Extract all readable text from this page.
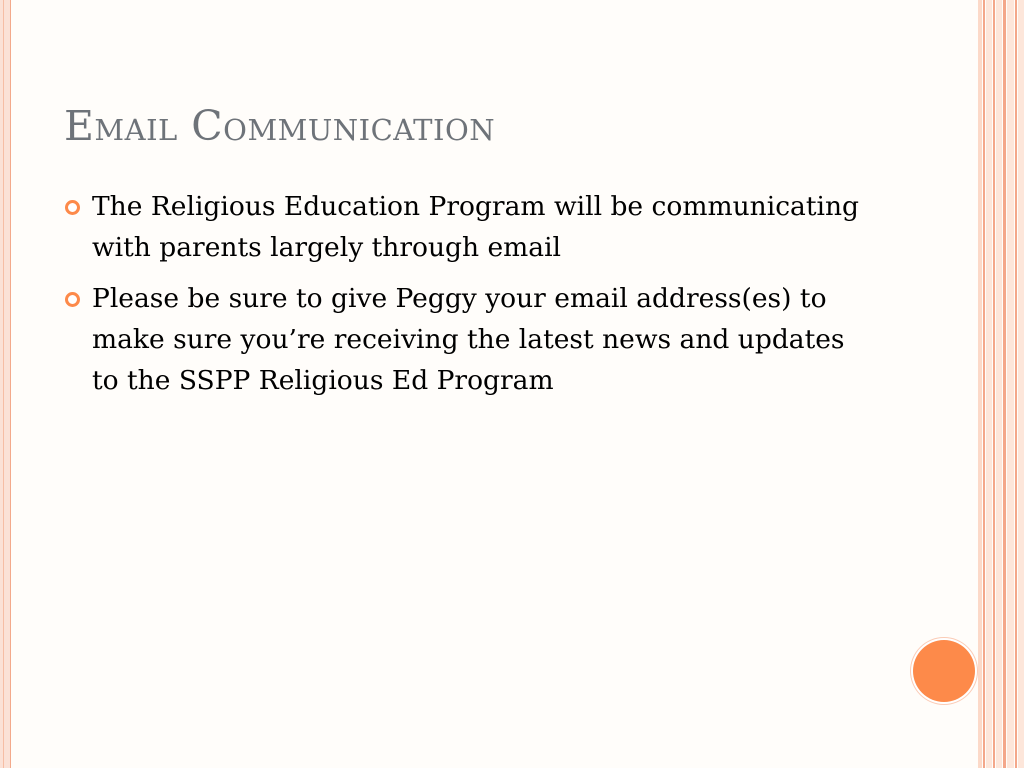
Email Communication
The Religious Education Program will be communicating with parents largely through email
Please be sure to give Peggy your email address(es) to make sure you’re receiving the latest news and updates to the SSPP Religious Ed Program
